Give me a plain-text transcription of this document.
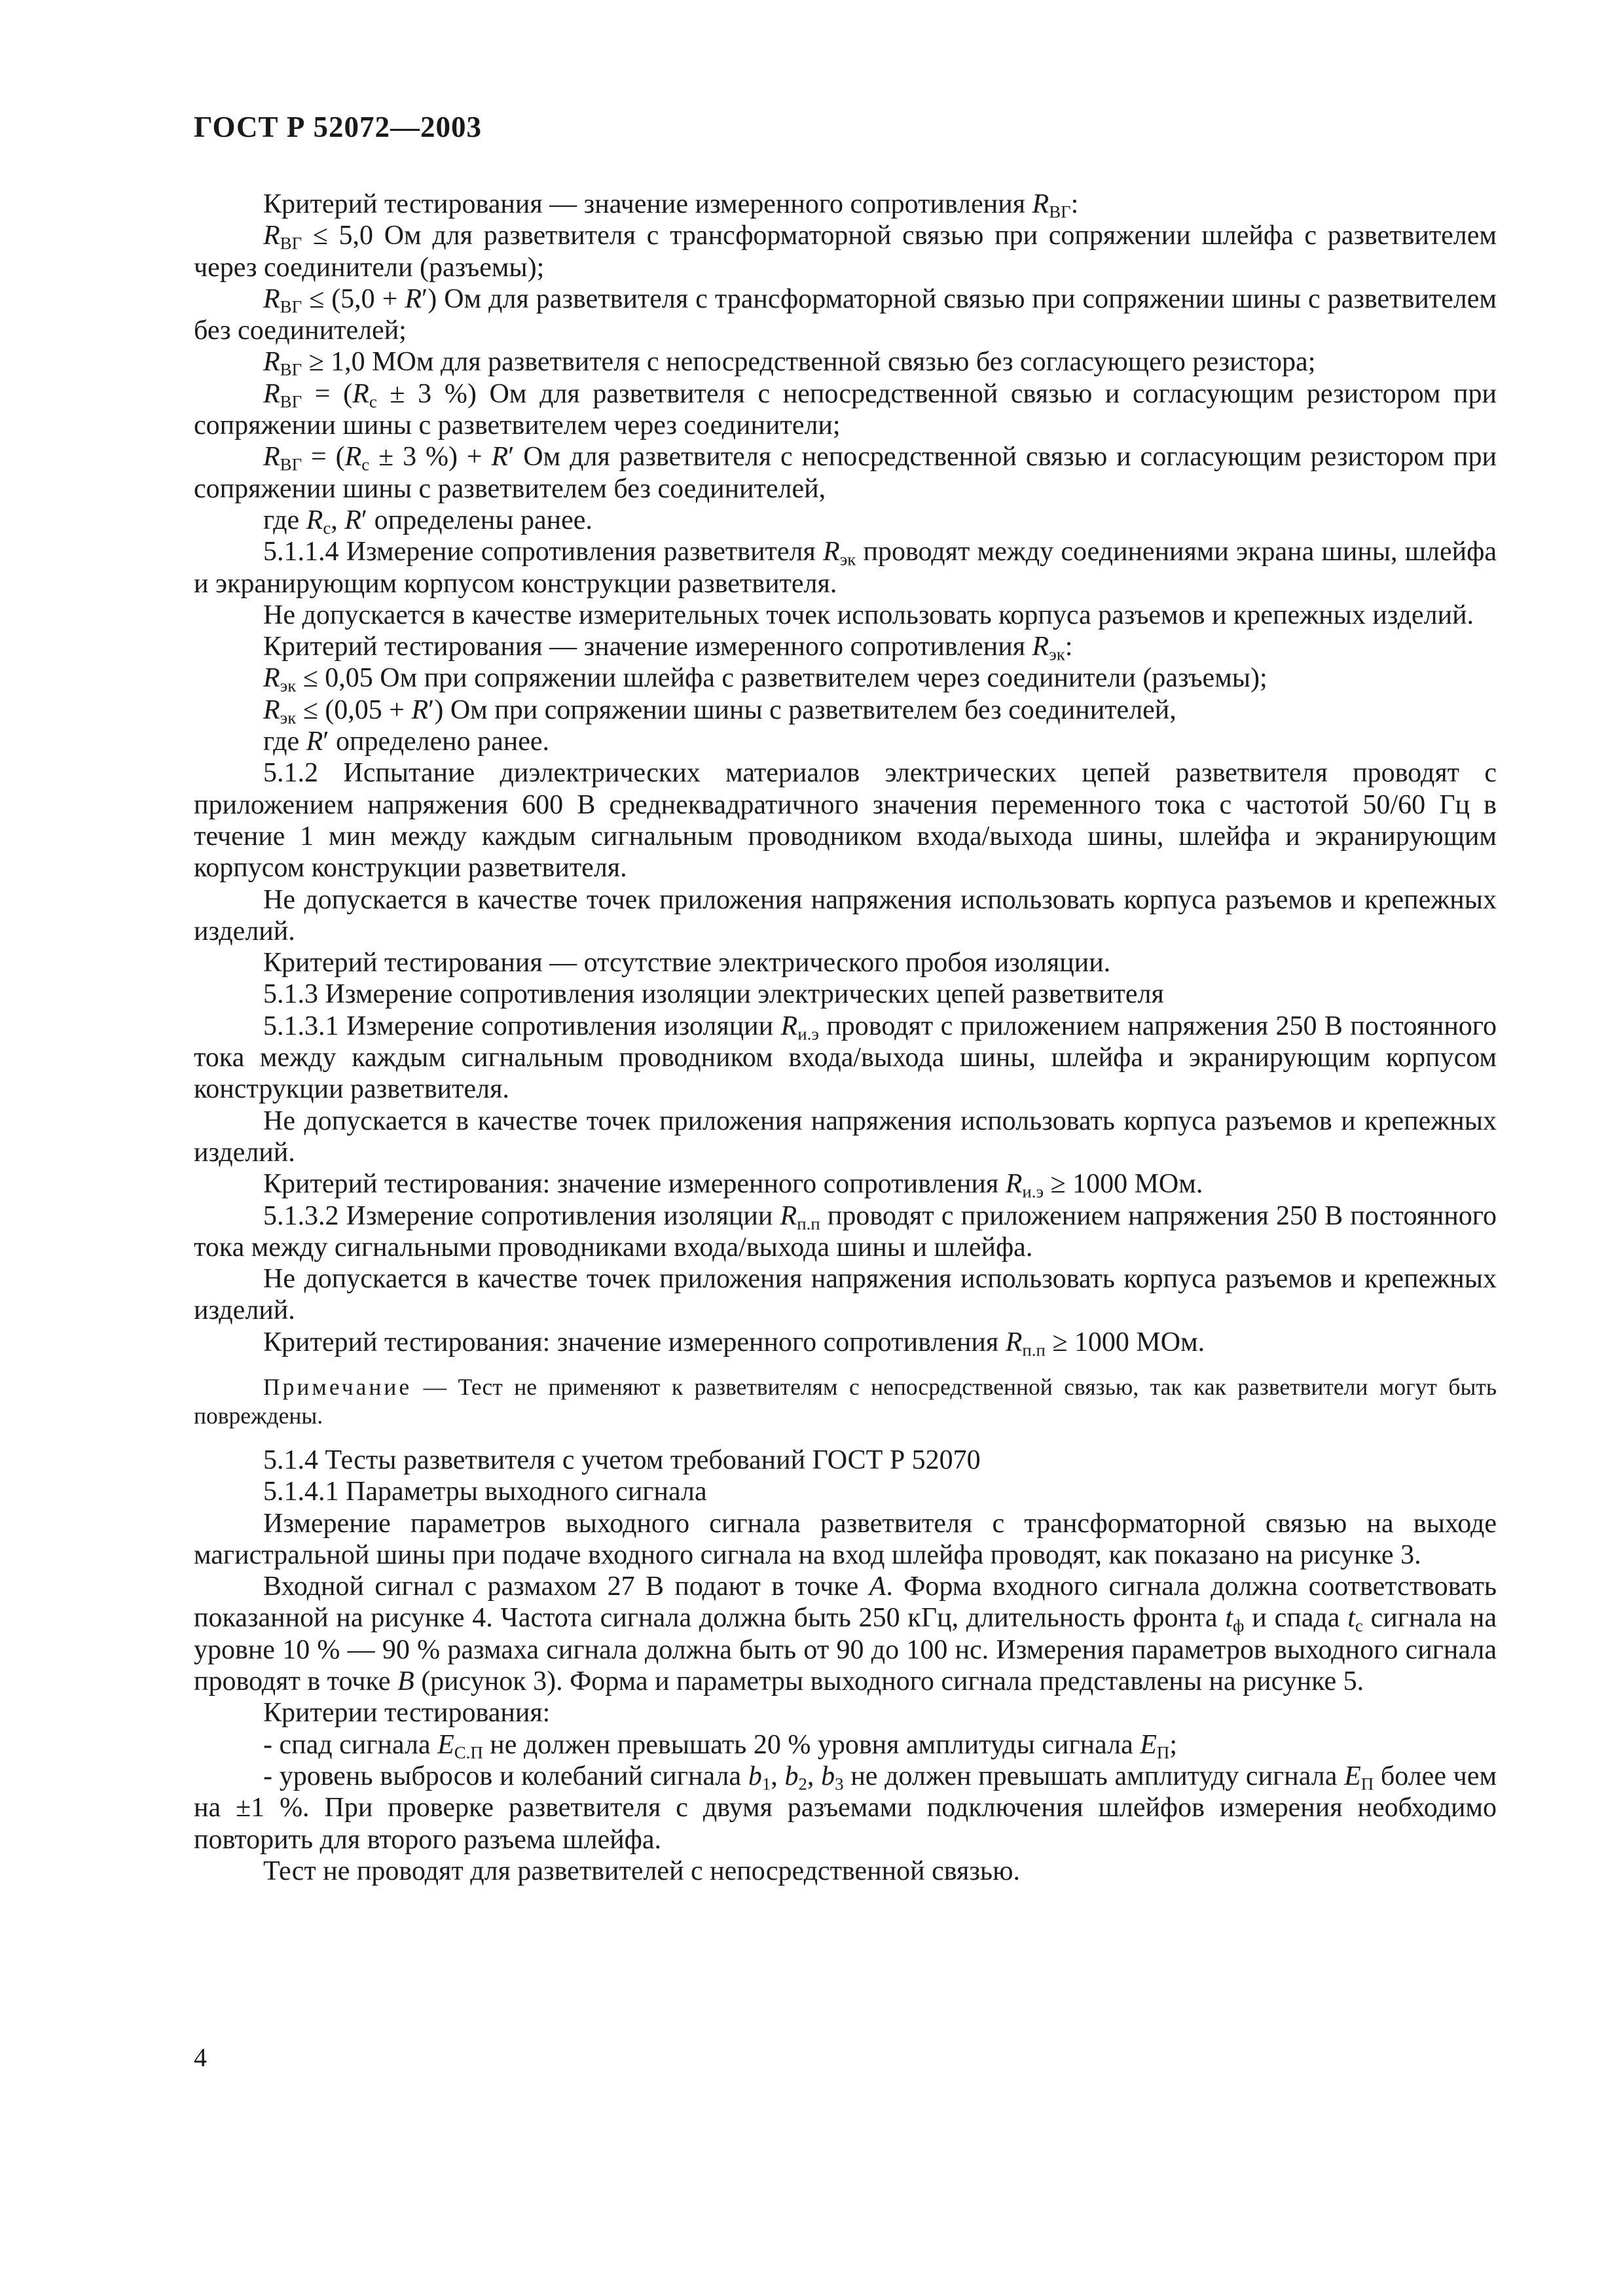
ГОСТ Р 52072—2003

Критерий тестирования — значение измеренного сопротивления $R_{ВГ}$:

$R_{ВГ} \le 5,0$ Ом для разветвителя с трансформаторной связью при сопряжении шлейфа с разветвителем через соединители (разъемы);

$R_{ВГ} \le (5,0 + R')$ Ом для разветвителя с трансформаторной связью при сопряжении шины с разветвителем без соединителей;

$R_{ВГ} \ge 1,0$ МОм для разветвителя с непосредственной связью без согласующего резистора;

$R_{ВГ} = (R_с \pm 3$ %) Ом для разветвителя с непосредственной связью и согласующим резистором при сопряжении шины с разветвителем через соединители;

$R_{ВГ} = (R_с \pm 3$ %) + R′ Ом для разветвителя с непосредственной связью и согласующим резистором при сопряжении шины с разветвителем без соединителей,

где $R_с$, R′ определены ранее.

5.1.1.4 Измерение сопротивления разветвителя $R_{эк}$ проводят между соединениями экрана шины, шлейфа и экранирующим корпусом конструкции разветвителя.

Не допускается в качестве измерительных точек использовать корпуса разъемов и крепежных изделий.

Критерий тестирования — значение измеренного сопротивления $R_{эк}$:

$R_{эк} \le 0,05$ Ом при сопряжении шлейфа с разветвителем через соединители (разъемы);

$R_{эк} \le (0,05 + R')$ Ом при сопряжении шины с разветвителем без соединителей,

где R′ определено ранее.

5.1.2 Испытание диэлектрических материалов электрических цепей разветвителя проводят с приложением напряжения 600 В среднеквадратичного значения переменного тока с частотой 50/60 Гц в течение 1 мин между каждым сигнальным проводником входа/выхода шины, шлейфа и экранирующим корпусом конструкции разветвителя.

Не допускается в качестве точек приложения напряжения использовать корпуса разъемов и крепежных изделий.

Критерий тестирования — отсутствие электрического пробоя изоляции.

5.1.3 Измерение сопротивления изоляции электрических цепей разветвителя

5.1.3.1 Измерение сопротивления изоляции $R_{и.э}$ проводят с приложением напряжения 250 В постоянного тока между каждым сигнальным проводником входа/выхода шины, шлейфа и экранирующим корпусом конструкции разветвителя.

Не допускается в качестве точек приложения напряжения использовать корпуса разъемов и крепежных изделий.

Критерий тестирования: значение измеренного сопротивления $R_{и.э} \ge 1000$ МОм.

5.1.3.2 Измерение сопротивления изоляции $R_{п.п}$ проводят с приложением напряжения 250 В постоянного тока между сигнальными проводниками входа/выхода шины и шлейфа.

Не допускается в качестве точек приложения напряжения использовать корпуса разъемов и крепежных изделий.

Критерий тестирования: значение измеренного сопротивления $R_{п.п} \ge 1000$ МОм.

Примечание — Тест не применяют к разветвителям с непосредственной связью, так как разветвители могут быть повреждены.

5.1.4 Тесты разветвителя с учетом требований ГОСТ Р 52070

5.1.4.1 Параметры выходного сигнала

Измерение параметров выходного сигнала разветвителя с трансформаторной связью на выходе магистральной шины при подаче входного сигнала на вход шлейфа проводят, как показано на рисунке 3.

Входной сигнал с размахом 27 В подают в точке A. Форма входного сигнала должна соответствовать показанной на рисунке 4. Частота сигнала должна быть 250 кГц, длительность фронта $t_ф$ и спада $t_с$ сигнала на уровне 10 % — 90 % размаха сигнала должна быть от 90 до 100 нс. Измерения параметров выходного сигнала проводят в точке B (рисунок 3). Форма и параметры выходного сигнала представлены на рисунке 5.

Критерии тестирования:

- спад сигнала $E_{С.П}$ не должен превышать 20 % уровня амплитуды сигнала $E_П$;

- уровень выбросов и колебаний сигнала $b_1$, $b_2$, $b_3$ не должен превышать амплитуду сигнала $E_П$ более чем на ±1 %. При проверке разветвителя с двумя разъемами подключения шлейфов измерения необходимо повторить для второго разъема шлейфа.

Тест не проводят для разветвителей с непосредственной связью.

4
